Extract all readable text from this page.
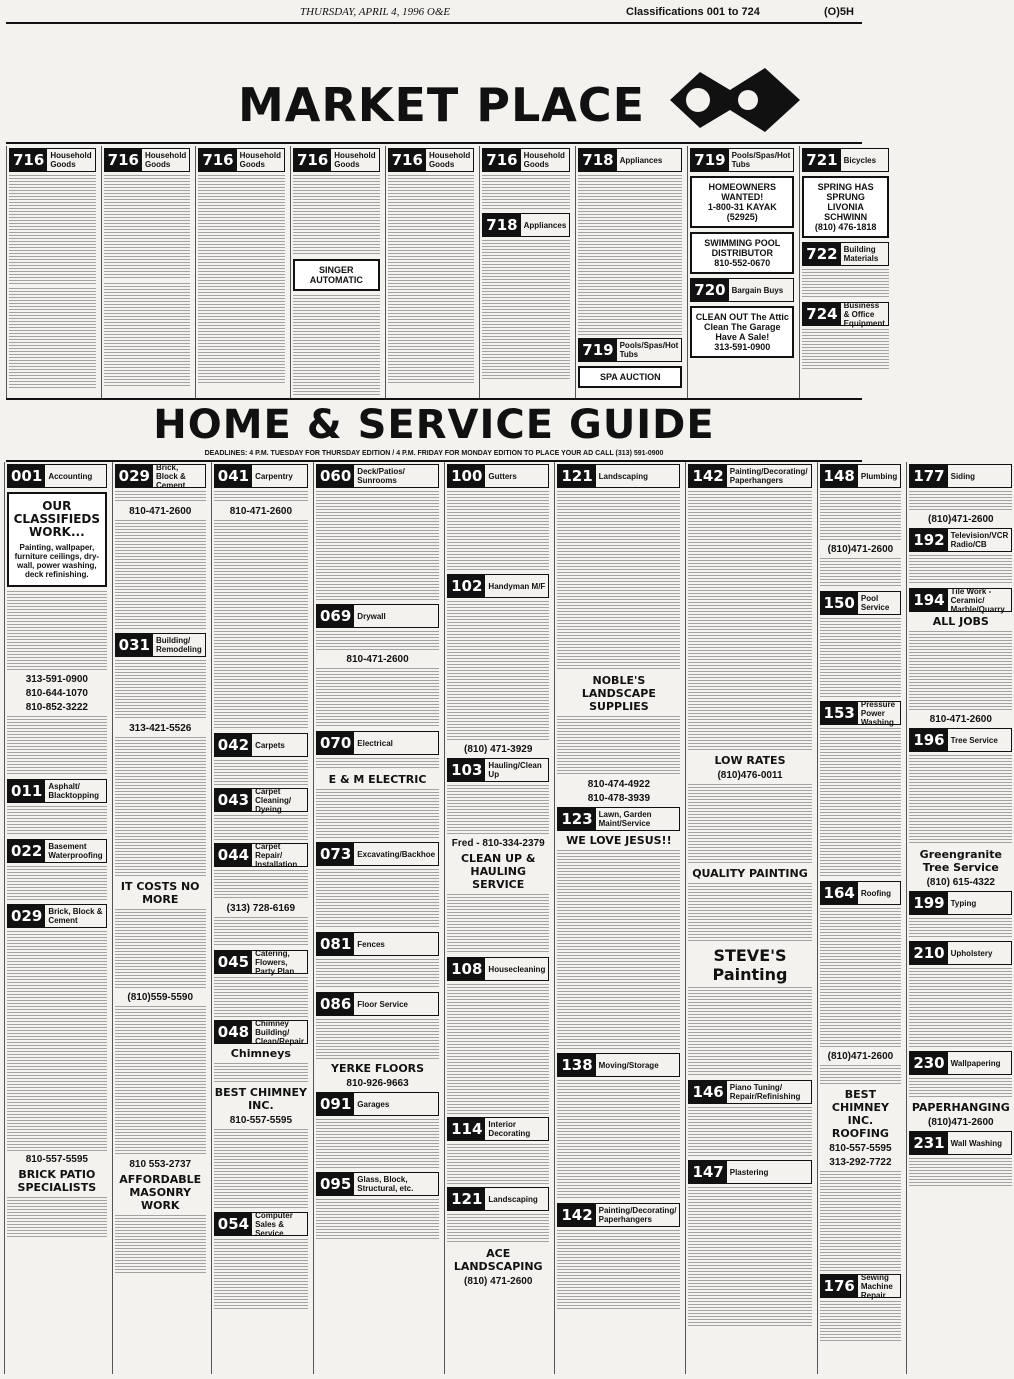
THURSDAY, APRIL 4, 1996 O&E	Classifications 001 to 724	(O)5H
MARKET PLACE
716 Household Goods	716 Household Goods	716 Household Goods	716 Household Goods
SINGER AUTOMATIC
716 Household Goods	716 Household Goods
718 Appliances
718 Appliances
719 Pools/Spas/Hot Tubs
SPA AUCTION
719 Pools/Spas/Hot Tubs
HOMEOWNERS WANTED!
1-800-31 KAYAK (52925)
SWIMMING POOL DISTRIBUTOR
810-552-0670
720 Bargain Buys
CLEAN OUT The Attic Clean The Garage Have A Sale!
313-591-0900
721 Bicycles
SPRING HAS SPRUNG
LIVONIA SCHWINN
(810) 476-1818
722 Building Materials
724 Business & Office Equipment
HOME & SERVICE GUIDE
DEADLINES: 4 P.M. TUESDAY FOR THURSDAY EDITION / 4 P.M. FRIDAY FOR MONDAY EDITION TO PLACE YOUR AD CALL (313) 591-0900
001 Accounting
OUR CLASSIFIEDS WORK...
Painting, wallpaper, furniture ceilings, dry-wall, power washing, deck refinishing.
313-591-0900
810-644-1070
810-852-3222
011 Asphalt/ Blacktopping
022 Basement Waterproofing
029 Brick, Block & Cement
810-557-5595
BRICK PATIO SPECIALISTS
029 Brick, Block & Cement
810-471-2600
031 Building/ Remodeling
313-421-5526
IT COSTS NO MORE
(810)559-5590
810 553-2737
AFFORDABLE MASONRY WORK
041 Carpentry
810-471-2600
042 Carpets
043 Carpet Cleaning/ Dyeing
044 Carpet Repair/ Installation
(313) 728-6169
045 Catering, Flowers, Party Plan
048 Chimney Building/ Clean/Repair
Chimneys
BEST CHIMNEY INC.
810-557-5595
054 Computer Sales & Service
060 Deck/Patios/ Sunrooms
069 Drywall
810-471-2600
070 Electrical
E & M ELECTRIC
073 Excavating/Backhoe
081 Fences
086 Floor Service
YERKE FLOORS
810-926-9663
091 Garages
095 Glass, Block, Structural, etc.
100 Gutters
102 Handyman M/F
(810) 471-3929
103 Hauling/Clean Up
Fred - 810-334-2379
CLEAN UP & HAULING SERVICE
108 Housecleaning
114 Interior Decorating
121 Landscaping
ACE LANDSCAPING
(810) 471-2600
121 Landscaping
NOBLE'S LANDSCAPE SUPPLIES
810-474-4922
810-478-3939
123 Lawn, Garden Maint/Service
WE LOVE JESUS!!
138 Moving/Storage
142 Painting/Decorating/ Paperhangers
142 Painting/Decorating/ Paperhangers
LOW RATES
(810)476-0011
QUALITY PAINTING
STEVE'S Painting
146 Piano Tuning/ Repair/Refinishing
147 Plastering
148 Plumbing
(810)471-2600
150 Pool Service
153 Pressure Power Washing
164 Roofing
(810)471-2600
BEST CHIMNEY INC. ROOFING
810-557-5595
313-292-7722
176 Sewing Machine Repair
177 Siding
(810)471-2600
192 Television/VCR Radio/CB
194 Tile Work - Ceramic/ Marble/Quarry
ALL JOBS
810-471-2600
196 Tree Service
Greengranite Tree Service
(810) 615-4322
199 Typing
210 Upholstery
230 Wallpapering
PAPERHANGING
(810)471-2600
231 Wall Washing
